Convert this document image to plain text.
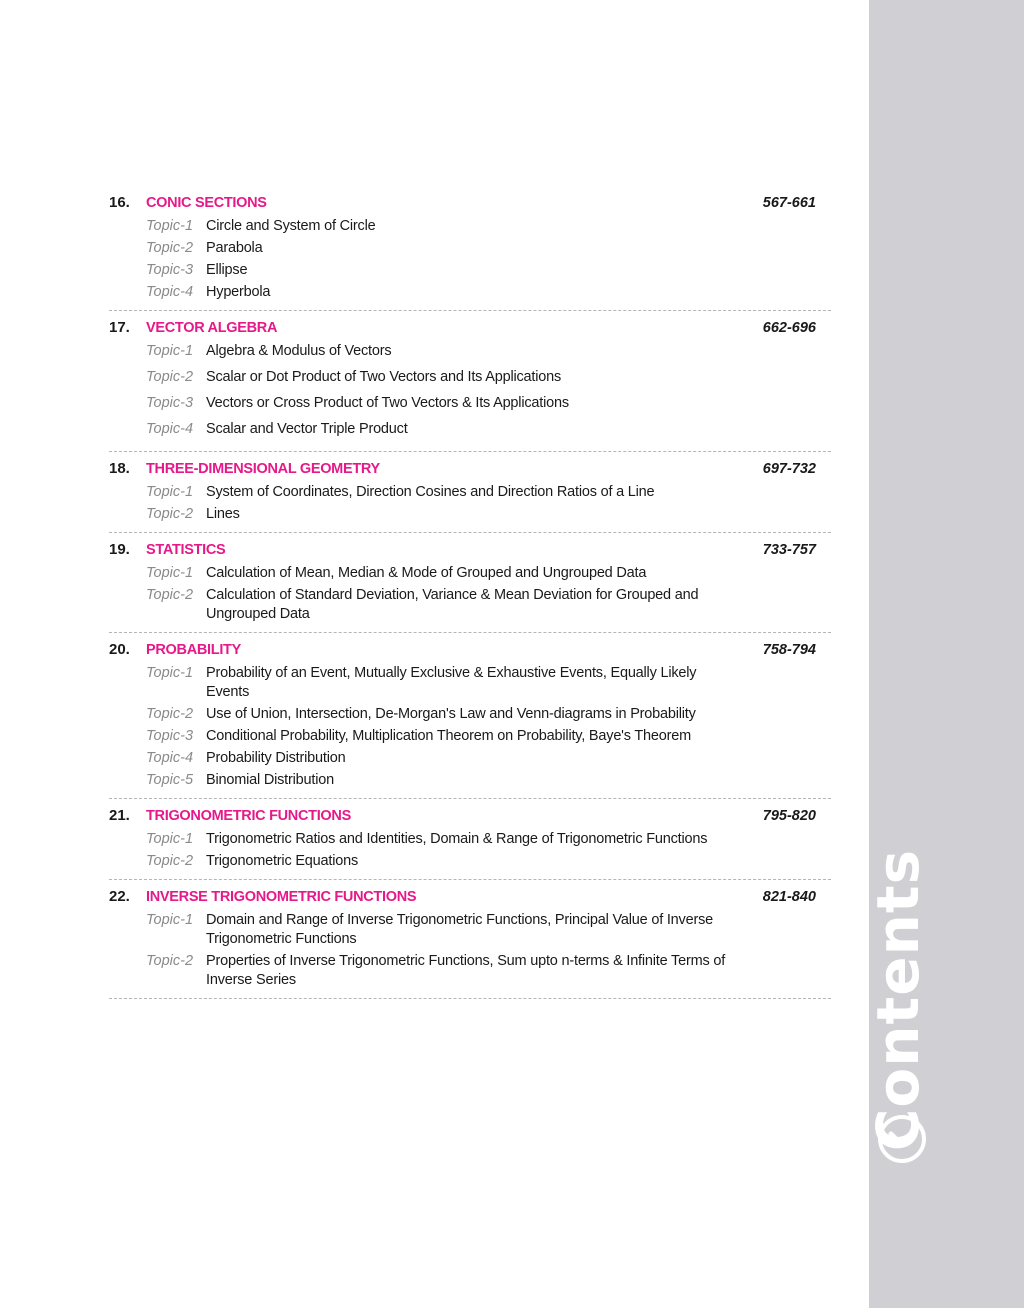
Contents
16. CONIC SECTIONS	567-661
Topic-1 Circle and System of Circle
Topic-2 Parabola
Topic-3 Ellipse
Topic-4 Hyperbola
17. VECTOR ALGEBRA	662-696
Topic-1 Algebra & Modulus of Vectors
Topic-2 Scalar or Dot Product of Two Vectors and Its Applications
Topic-3 Vectors or Cross Product of Two Vectors & Its Applications
Topic-4 Scalar and Vector Triple Product
18. THREE-DIMENSIONAL GEOMETRY	697-732
Topic-1 System of Coordinates, Direction Cosines and Direction Ratios of a Line
Topic-2 Lines
19. STATISTICS	733-757
Topic-1 Calculation of Mean, Median & Mode of Grouped and Ungrouped Data
Topic-2 Calculation of Standard Deviation, Variance & Mean Deviation for Grouped and Ungrouped Data
20. PROBABILITY	758-794
Topic-1 Probability of an Event, Mutually Exclusive & Exhaustive Events, Equally Likely Events
Topic-2 Use of Union, Intersection, De-Morgan's Law and Venn-diagrams in Probability
Topic-3 Conditional Probability, Multiplication Theorem on Probability, Baye's Theorem
Topic-4 Probability Distribution
Topic-5 Binomial Distribution
21. TRIGONOMETRIC FUNCTIONS	795-820
Topic-1 Trigonometric Ratios and Identities, Domain & Range of Trigonometric Functions
Topic-2 Trigonometric Equations
22. INVERSE TRIGONOMETRIC FUNCTIONS	821-840
Topic-1 Domain and Range of Inverse Trigonometric Functions, Principal Value of Inverse Trigonometric Functions
Topic-2 Properties of Inverse Trigonometric Functions, Sum upto n-terms & Infinite Terms of Inverse Series
